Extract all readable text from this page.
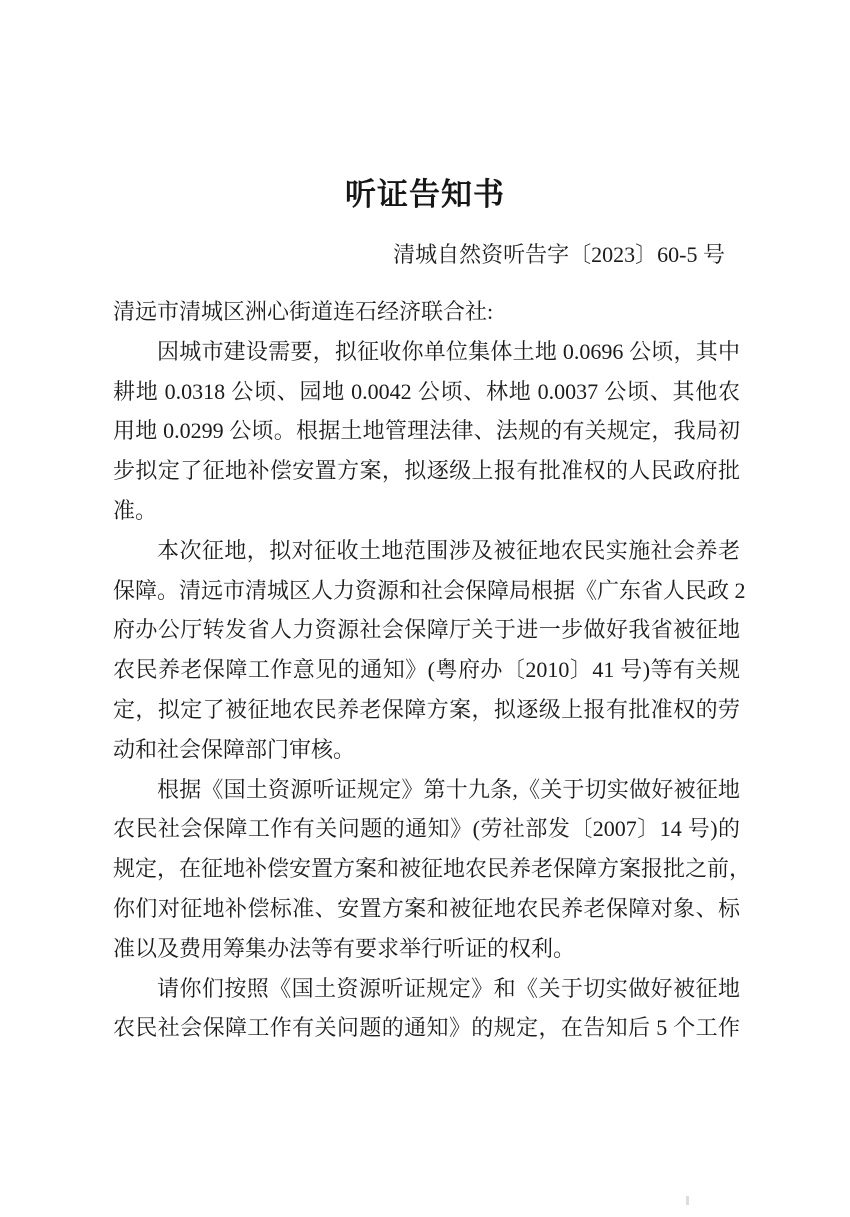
听证告知书
清城自然资听告字〔2023〕60-5 号
清远市清城区洲心街道连石经济联合社:
因城市建设需要，拟征收你单位集体土地 0.0696 公顷，其中
耕地 0.0318 公顷、园地 0.0042 公顷、林地 0.0037 公顷、其他农
用地 0.0299 公顷。根据土地管理法律、法规的有关规定，我局初
步拟定了征地补偿安置方案，拟逐级上报有批准权的人民政府批
准。
本次征地，拟对征收土地范围涉及被征地农民实施社会养老
保障。清远市清城区人力资源和社会保障局根据《广东省人民政 2
府办公厅转发省人力资源社会保障厅关于进一步做好我省被征地
农民养老保障工作意见的通知》(粤府办〔2010〕41 号)等有关规
定，拟定了被征地农民养老保障方案，拟逐级上报有批准权的劳
动和社会保障部门审核。
根据《国土资源听证规定》第十九条,《关于切实做好被征地
农民社会保障工作有关问题的通知》(劳社部发〔2007〕14 号)的
规定，在征地补偿安置方案和被征地农民养老保障方案报批之前，
你们对征地补偿标准、安置方案和被征地农民养老保障对象、标
准以及费用筹集办法等有要求举行听证的权利。
请你们按照《国土资源听证规定》和《关于切实做好被征地
农民社会保障工作有关问题的通知》的规定，在告知后 5 个工作
